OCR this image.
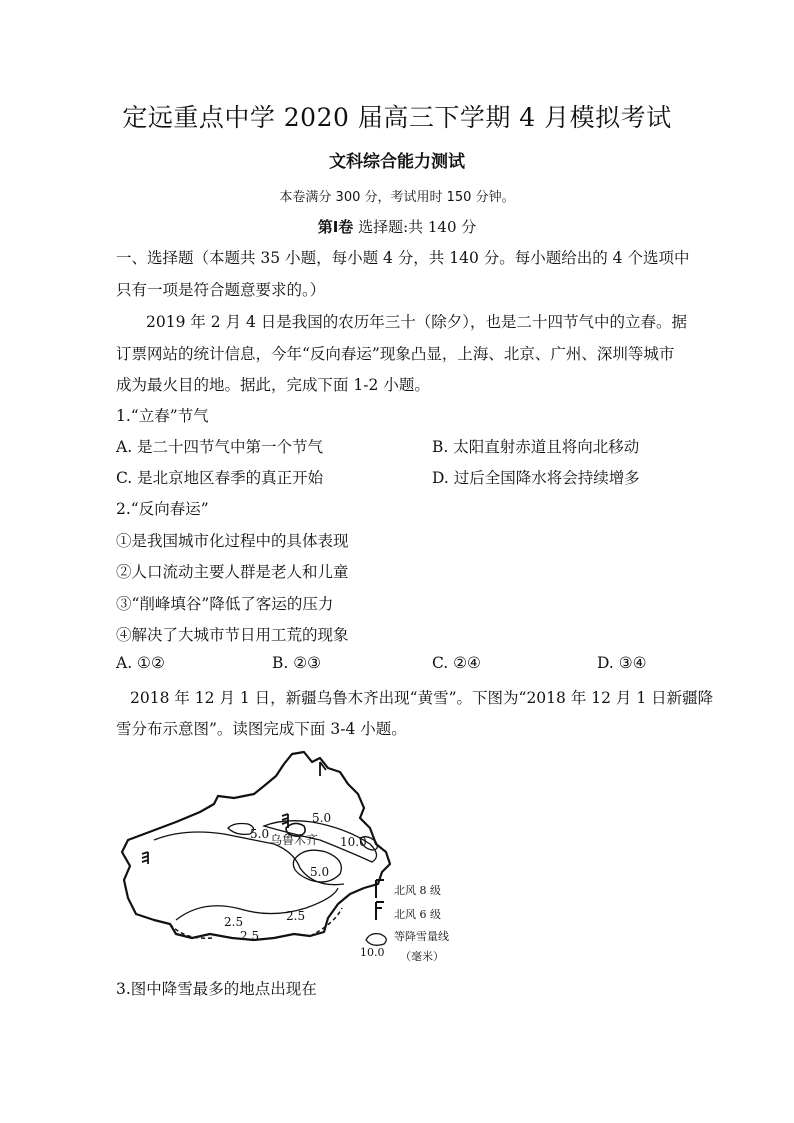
定远重点中学 2020 届高三下学期 4 月模拟考试
文科综合能力测试
本卷满分 300 分，考试用时 150 分钟。
第Ⅰ卷 选择题:共 140 分
一、选择题（本题共 35 小题，每小题 4 分，共 140 分。每小题给出的 4 个选项中
只有一项是符合题意要求的。）
2019 年 2 月 4 日是我国的农历年三十（除夕），也是二十四节气中的立春。据
订票网站的统计信息，今年“反向春运”现象凸显，上海、北京、广州、深圳等城市
成为最火目的地。据此，完成下面 1-2 小题。
1.“立春”节气
A. 是二十四节气中第一个节气	B. 太阳直射赤道且将向北移动
C. 是北京地区春季的真正开始	D. 过后全国降水将会持续增多
2.“反向春运”
①是我国城市化过程中的具体表现
②人口流动主要人群是老人和儿童
③“削峰填谷”降低了客运的压力
④解决了大城市节日用工荒的现象
A. ①②	B. ②③	C. ②④	D. ③④
2018 年 12 月 1 日，新疆乌鲁木齐出现“黄雪”。下图为“2018 年 12 月 1 日新疆降
雪分布示意图”。读图完成下面 3-4 小题。
5.0
5.0
10.0
5.0
2.5
2.5
2.5
乌鲁木齐
北风 8 级
北风 6 级
等降雪量线
10.0 （毫米）
3.图中降雪最多的地点出现在
